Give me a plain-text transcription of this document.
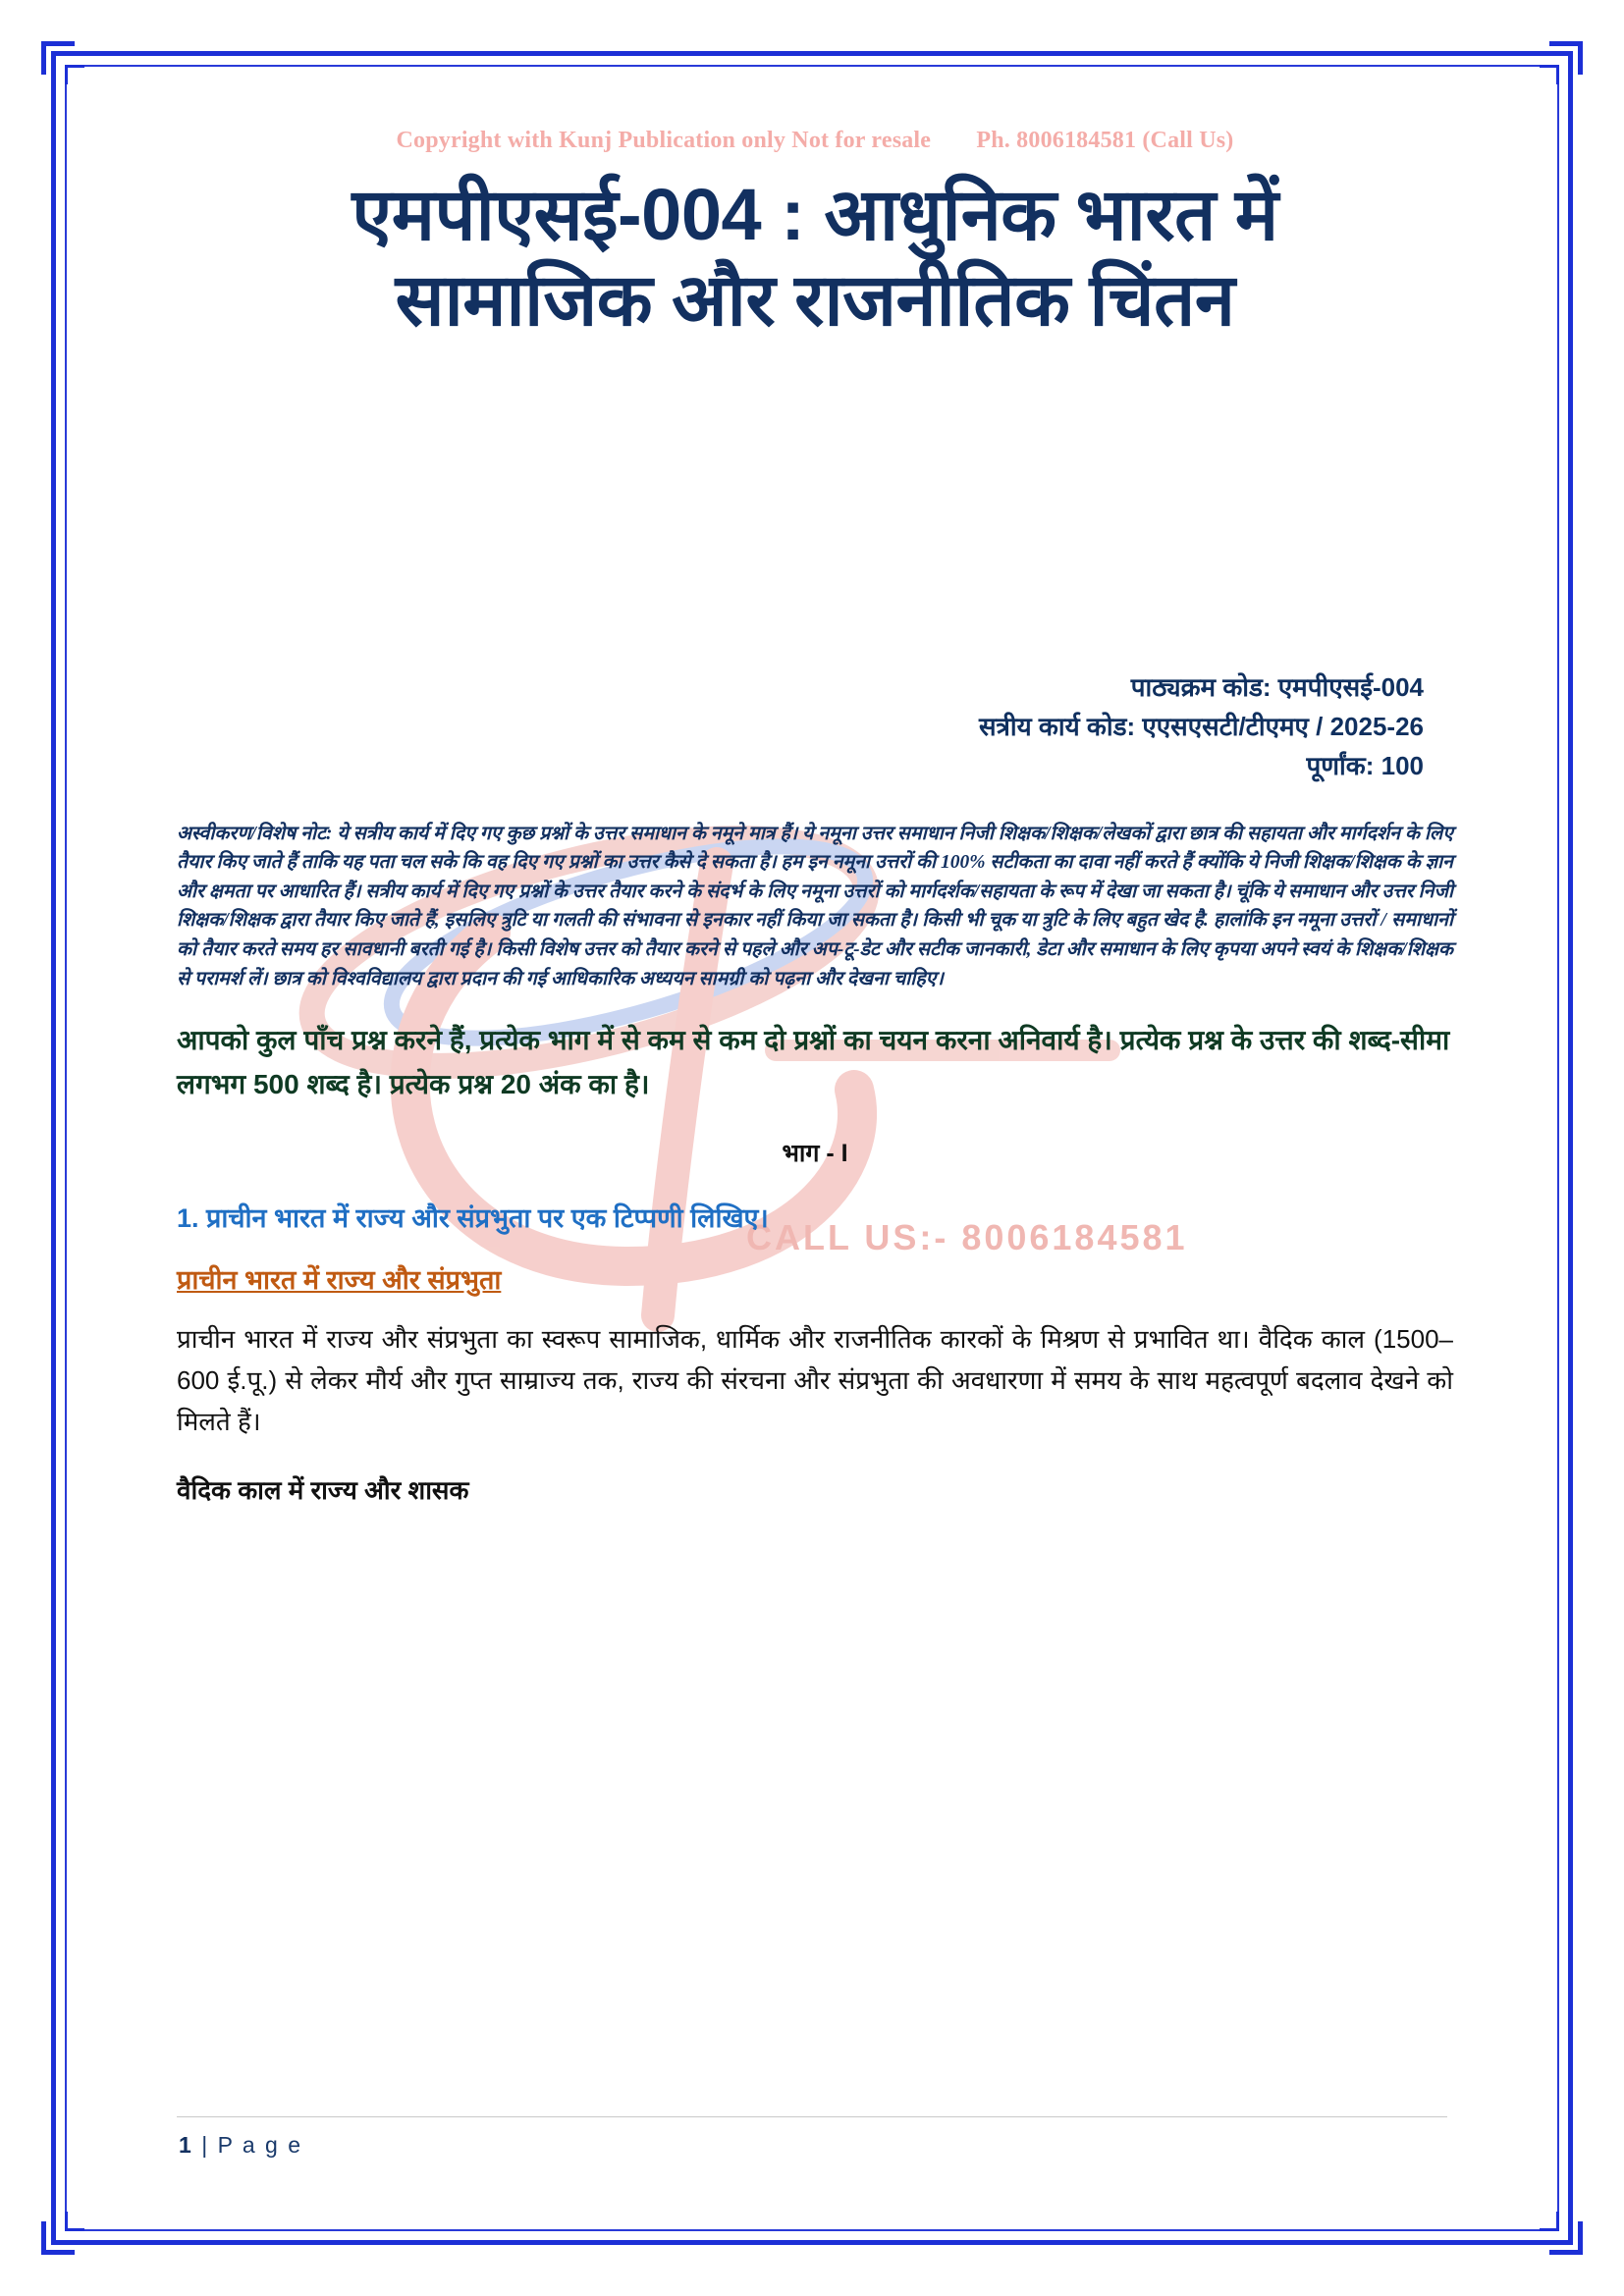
CALL US:- 8006184581
Copyright with Kunj Publication only Not for resale Ph. 8006184581 (Call Us)
एमपीएसई-004 : आधुनिक भारत में सामाजिक और राजनीतिक चिंतन
पाठ्यक्रम कोड: एमपीएसई-004
सत्रीय कार्य कोड: एएसएसटी/टीएमए / 2025-26
पूर्णांक: 100
अस्वीकरण/विशेष नोट: ये सत्रीय कार्य में दिए गए कुछ प्रश्नों के उत्तर समाधान के नमूने मात्र हैं। ये नमूना उत्तर समाधान निजी शिक्षक/शिक्षक/लेखकों द्वारा छात्र की सहायता और मार्गदर्शन के लिए तैयार किए जाते हैं ताकि यह पता चल सके कि वह दिए गए प्रश्नों का उत्तर कैसे दे सकता है। हम इन नमूना उत्तरों की 100% सटीकता का दावा नहीं करते हैं क्योंकि ये निजी शिक्षक/शिक्षक के ज्ञान और क्षमता पर आधारित हैं। सत्रीय कार्य में दिए गए प्रश्नों के उत्तर तैयार करने के संदर्भ के लिए नमूना उत्तरों को मार्गदर्शक/सहायता के रूप में देखा जा सकता है। चूंकि ये समाधान और उत्तर निजी शिक्षक/शिक्षक द्वारा तैयार किए जाते हैं, इसलिए त्रुटि या गलती की संभावना से इनकार नहीं किया जा सकता है। किसी भी चूक या त्रुटि के लिए बहुत खेद है. हालांकि इन नमूना उत्तरों / समाधानों को तैयार करते समय हर सावधानी बरती गई है। किसी विशेष उत्तर को तैयार करने से पहले और अप-टू-डेट और सटीक जानकारी, डेटा और समाधान के लिए कृपया अपने स्वयं के शिक्षक/शिक्षक से परामर्श लें। छात्र को विश्वविद्यालय द्वारा प्रदान की गई आधिकारिक अध्ययन सामग्री को पढ़ना और देखना चाहिए।
आपको कुल पाँच प्रश्न करने हैं, प्रत्येक भाग में से कम से कम दो प्रश्नों का चयन करना अनिवार्य है। प्रत्येक प्रश्न के उत्तर की शब्द-सीमा लगभग 500 शब्द है। प्रत्येक प्रश्न 20 अंक का है।
भाग - I
1. प्राचीन भारत में राज्य और संप्रभुता पर एक टिप्पणी लिखिए।
प्राचीन भारत में राज्य और संप्रभुता
प्राचीन भारत में राज्य और संप्रभुता का स्वरूप सामाजिक, धार्मिक और राजनीतिक कारकों के मिश्रण से प्रभावित था। वैदिक काल (1500–600 ई.पू.) से लेकर मौर्य और गुप्त साम्राज्य तक, राज्य की संरचना और संप्रभुता की अवधारणा में समय के साथ महत्वपूर्ण बदलाव देखने को मिलते हैं।
वैदिक काल में राज्य और शासक
1 | P a g e
